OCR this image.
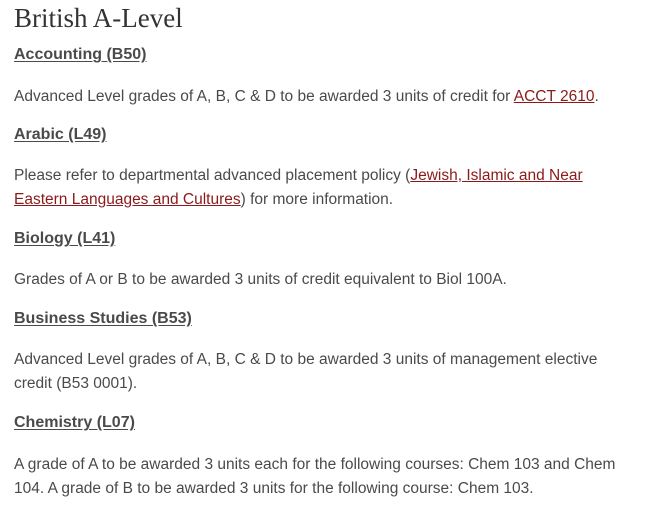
British A-Level
Accounting (B50)

Advanced Level grades of A, B, C & D to be awarded 3 units of credit for ACCT 2610.

Arabic (L49)

Please refer to departmental advanced placement policy (Jewish, Islamic and Near Eastern Languages and Cultures) for more information.

Biology (L41)

Grades of A or B to be awarded 3 units of credit equivalent to Biol 100A.

Business Studies (B53)

Advanced Level grades of A, B, C & D to be awarded 3 units of management elective credit (B53 0001).

Chemistry (L07)

A grade of A to be awarded 3 units each for the following courses: Chem 103 and Chem 104. A grade of B to be awarded 3 units for the following course: Chem 103.
